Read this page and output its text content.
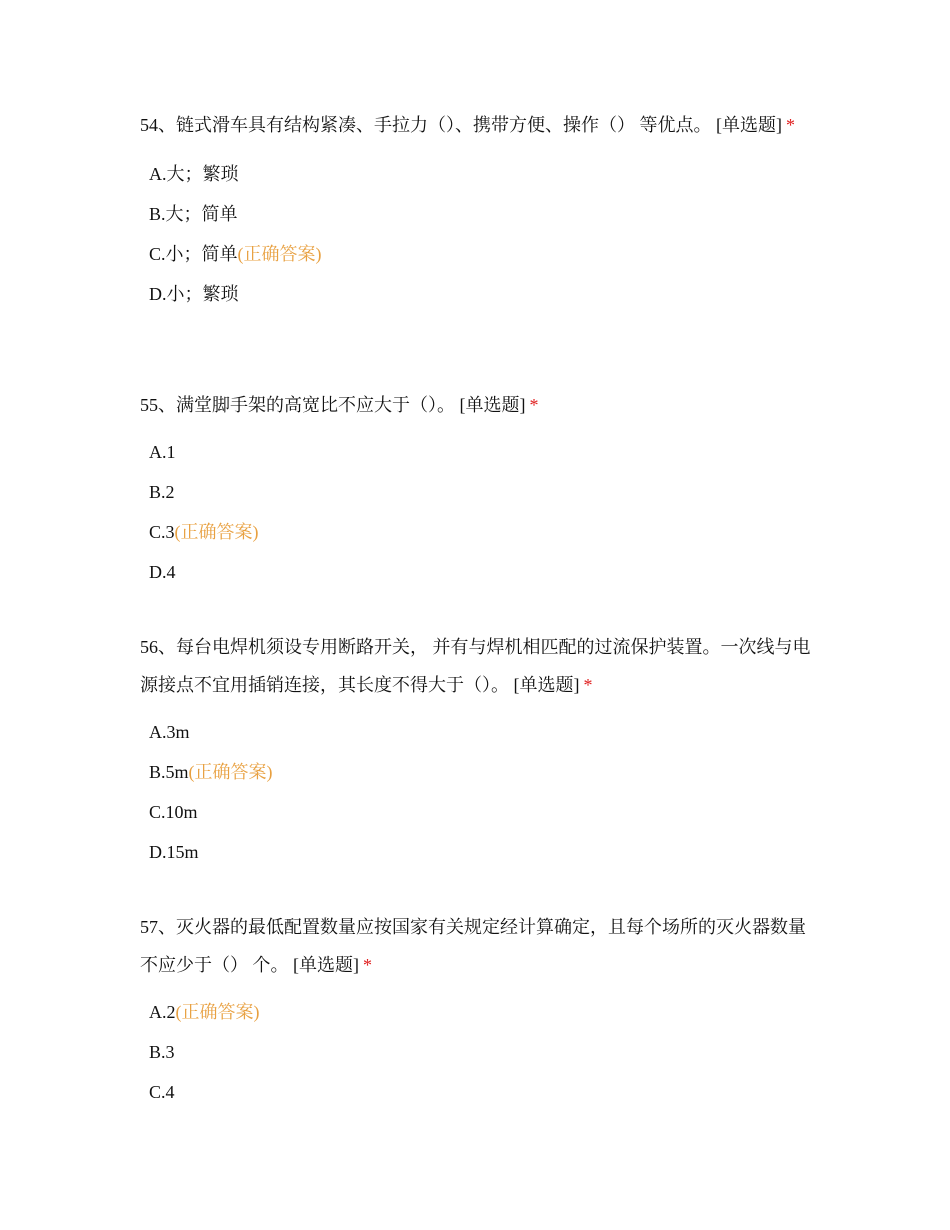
54、链式滑车具有结构紧凑、手拉力（）、携带方便、操作（） 等优点。 [单选题] *

A.大；繁琐
B.大；简单
C.小；简单(正确答案)
D.小；繁琐

55、满堂脚手架的高宽比不应大于（）。 [单选题] *

A.1
B.2
C.3(正确答案)
D.4

56、每台电焊机须设专用断路开关， 并有与焊机相匹配的过流保护装置。一次线与电源接点不宜用插销连接，其长度不得大于（）。 [单选题] *

A.3m
B.5m(正确答案)
C.10m
D.15m

57、灭火器的最低配置数量应按国家有关规定经计算确定，且每个场所的灭火器数量不应少于（） 个。 [单选题] *

A.2(正确答案)
B.3
C.4
